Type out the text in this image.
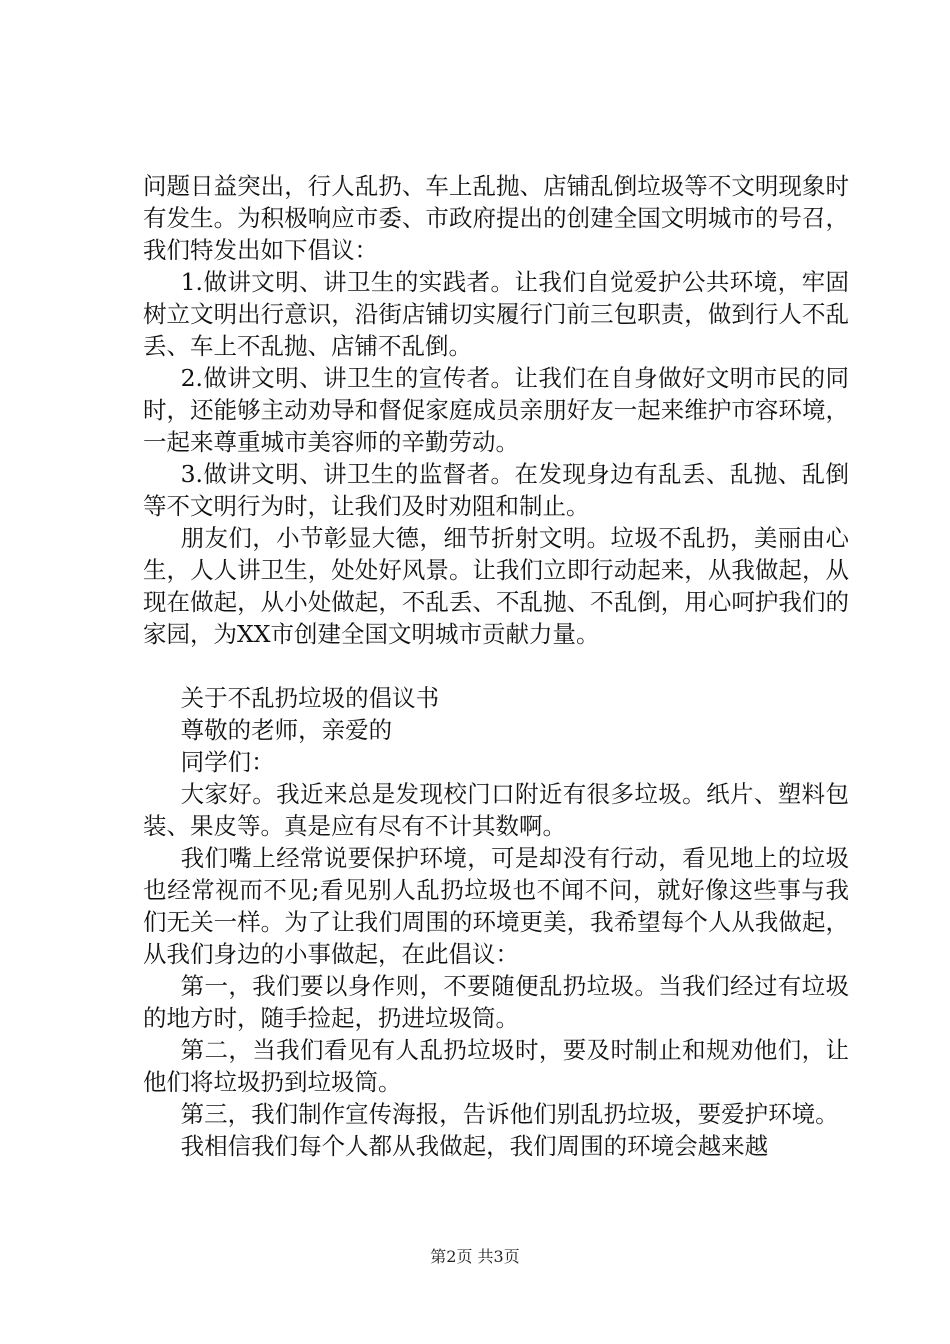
问题日益突出，行人乱扔、车上乱抛、店铺乱倒垃圾等不文明现象时有发生。为积极响应市委、市政府提出的创建全国文明城市的号召，我们特发出如下倡议：

1.做讲文明、讲卫生的实践者。让我们自觉爱护公共环境，牢固树立文明出行意识，沿街店铺切实履行门前三包职责，做到行人不乱丢、车上不乱抛、店铺不乱倒。

2.做讲文明、讲卫生的宣传者。让我们在自身做好文明市民的同时，还能够主动劝导和督促家庭成员亲朋好友一起来维护市容环境，一起来尊重城市美容师的辛勤劳动。

3.做讲文明、讲卫生的监督者。在发现身边有乱丢、乱抛、乱倒等不文明行为时，让我们及时劝阻和制止。

朋友们，小节彰显大德，细节折射文明。垃圾不乱扔，美丽由心生，人人讲卫生，处处好风景。让我们立即行动起来，从我做起，从现在做起，从小处做起，不乱丢、不乱抛、不乱倒，用心呵护我们的家园，为XX市创建全国文明城市贡献力量。

关于不乱扔垃圾的倡议书

尊敬的老师，亲爱的

同学们：

大家好。我近来总是发现校门口附近有很多垃圾。纸片、塑料包装、果皮等。真是应有尽有不计其数啊。

我们嘴上经常说要保护环境，可是却没有行动，看见地上的垃圾也经常视而不见;看见别人乱扔垃圾也不闻不问，就好像这些事与我们无关一样。为了让我们周围的环境更美，我希望每个人从我做起，从我们身边的小事做起，在此倡议：

第一，我们要以身作则，不要随便乱扔垃圾。当我们经过有垃圾的地方时，随手捡起，扔进垃圾筒。

第二，当我们看见有人乱扔垃圾时，要及时制止和规劝他们，让他们将垃圾扔到垃圾筒。

第三，我们制作宣传海报，告诉他们别乱扔垃圾，要爱护环境。

我相信我们每个人都从我做起，我们周围的环境会越来越

第2页 共3页
